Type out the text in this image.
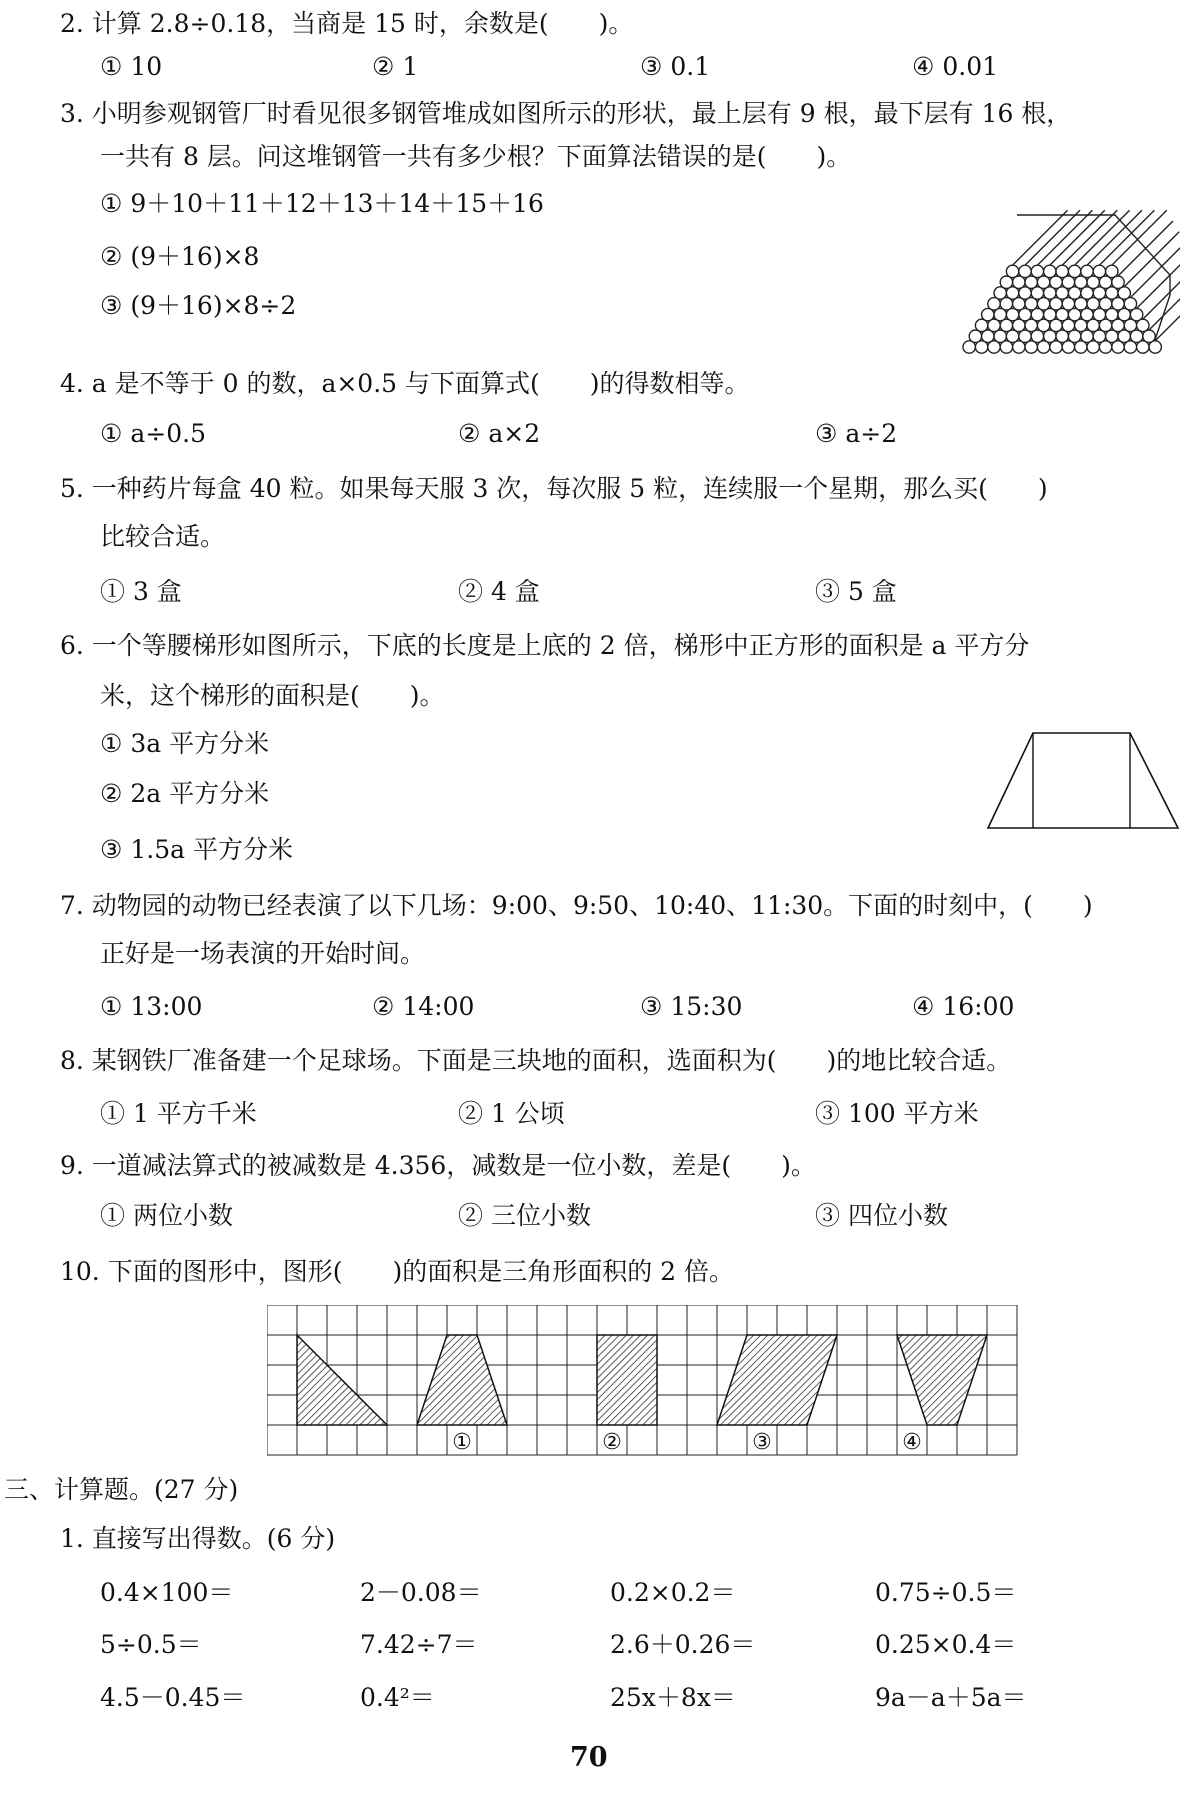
2. 计算 2.8÷0.18，当商是 15 时，余数是(　　)。
① 10	② 1	③ 0.1	④ 0.01
3. 小明参观钢管厂时看见很多钢管堆成如图所示的形状，最上层有 9 根，最下层有 16 根，
一共有 8 层。问这堆钢管一共有多少根？下面算法错误的是(　　)。
① 9＋10＋11＋12＋13＋14＋15＋16
② (9＋16)×8
③ (9＋16)×8÷2
4. a 是不等于 0 的数，a×0.5 与下面算式(　　)的得数相等。
① a÷0.5	② a×2	③ a÷2
5. 一种药片每盒 40 粒。如果每天服 3 次，每次服 5 粒，连续服一个星期，那么买(　　)
比较合适。
① 3 盒	② 4 盒	③ 5 盒
6. 一个等腰梯形如图所示，下底的长度是上底的 2 倍，梯形中正方形的面积是 a 平方分
米，这个梯形的面积是(　　)。
① 3a 平方分米
② 2a 平方分米
③ 1.5a 平方分米
7. 动物园的动物已经表演了以下几场：9:00、9:50、10:40、11:30。下面的时刻中，(　　)
正好是一场表演的开始时间。
① 13:00	② 14:00	③ 15:30	④ 16:00
8. 某钢铁厂准备建一个足球场。下面是三块地的面积，选面积为(　　)的地比较合适。
① 1 平方千米	② 1 公顷	③ 100 平方米
9. 一道减法算式的被减数是 4.356，减数是一位小数，差是(　　)。
① 两位小数	② 三位小数	③ 四位小数
10. 下面的图形中，图形(　　)的面积是三角形面积的 2 倍。
①	②	③	④
三、计算题。(27 分)
1. 直接写出得数。(6 分)
0.4×100＝	2－0.08＝	0.2×0.2＝	0.75÷0.5＝
5÷0.5＝	7.42÷7＝	2.6＋0.26＝	0.25×0.4＝
4.5－0.45＝	0.4²＝	25x＋8x＝	9a－a＋5a＝
70
